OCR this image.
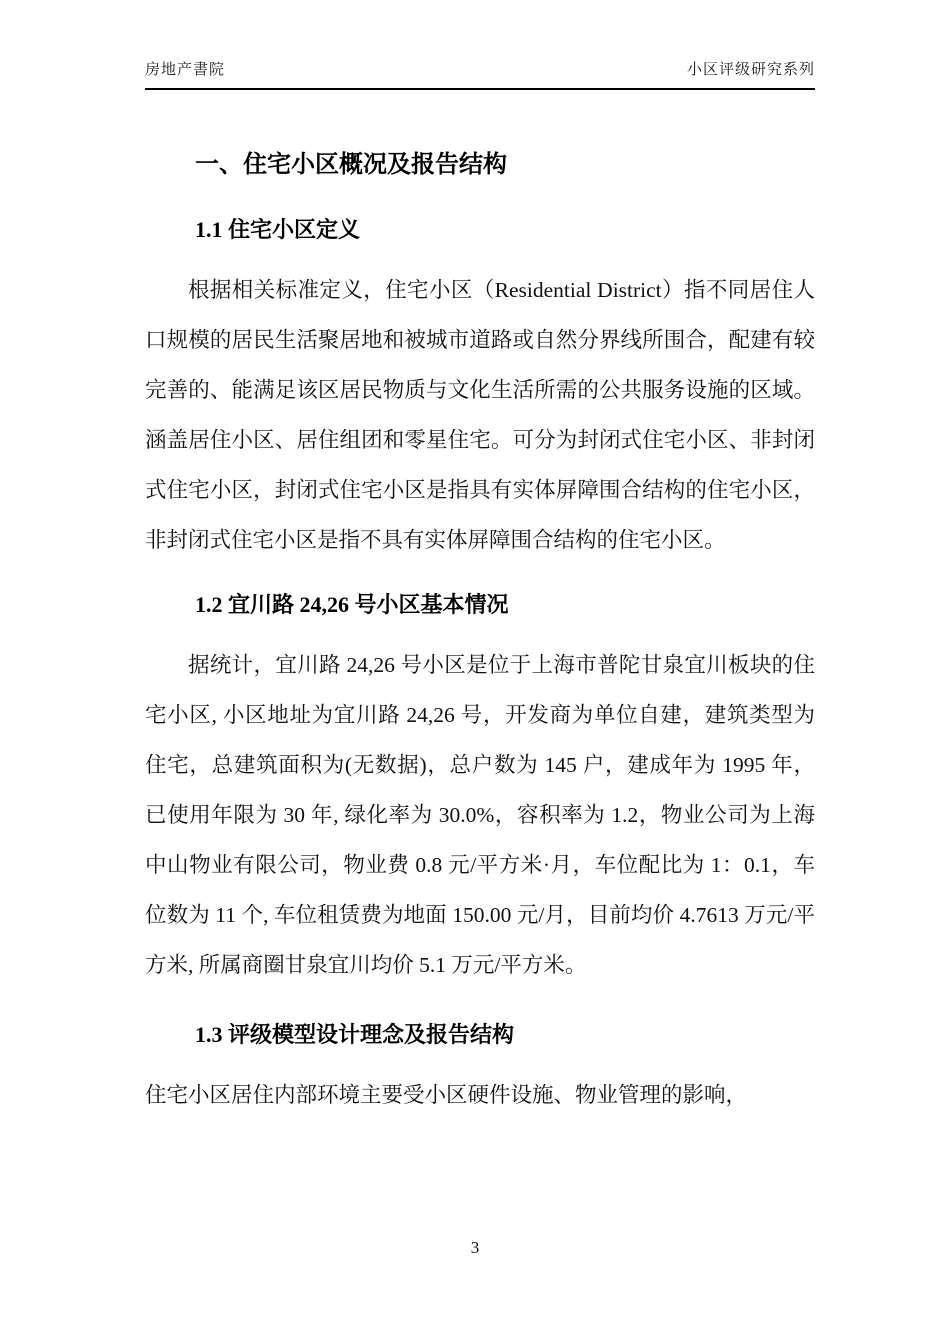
房地产書院	小区评级研究系列
一、住宅小区概况及报告结构
1.1 住宅小区定义

根据相关标准定义，住宅小区（Residential District）指不同居住人口规模的居民生活聚居地和被城市道路或自然分界线所围合，配建有较完善的、能满足该区居民物质与文化生活所需的公共服务设施的区域。涵盖居住小区、居住组团和零星住宅。可分为封闭式住宅小区、非封闭式住宅小区，封闭式住宅小区是指具有实体屏障围合结构的住宅小区，非封闭式住宅小区是指不具有实体屏障围合结构的住宅小区。

1.2 宜川路 24,26 号小区基本情况

据统计，宜川路 24,26 号小区是位于上海市普陀甘泉宜川板块的住宅小区, 小区地址为宜川路 24,26 号，开发商为单位自建，建筑类型为住宅，总建筑面积为(无数据)，总户数为 145 户，建成年为 1995 年，已使用年限为 30 年, 绿化率为 30.0%，容积率为 1.2，物业公司为上海中山物业有限公司，物业费 0.8 元/平方米·月，车位配比为 1：0.1，车位数为 11 个, 车位租赁费为地面 150.00 元/月，目前均价 4.7613 万元/平方米, 所属商圈甘泉宜川均价 5.1 万元/平方米。

1.3 评级模型设计理念及报告结构

住宅小区居住内部环境主要受小区硬件设施、物业管理的影响，

3
